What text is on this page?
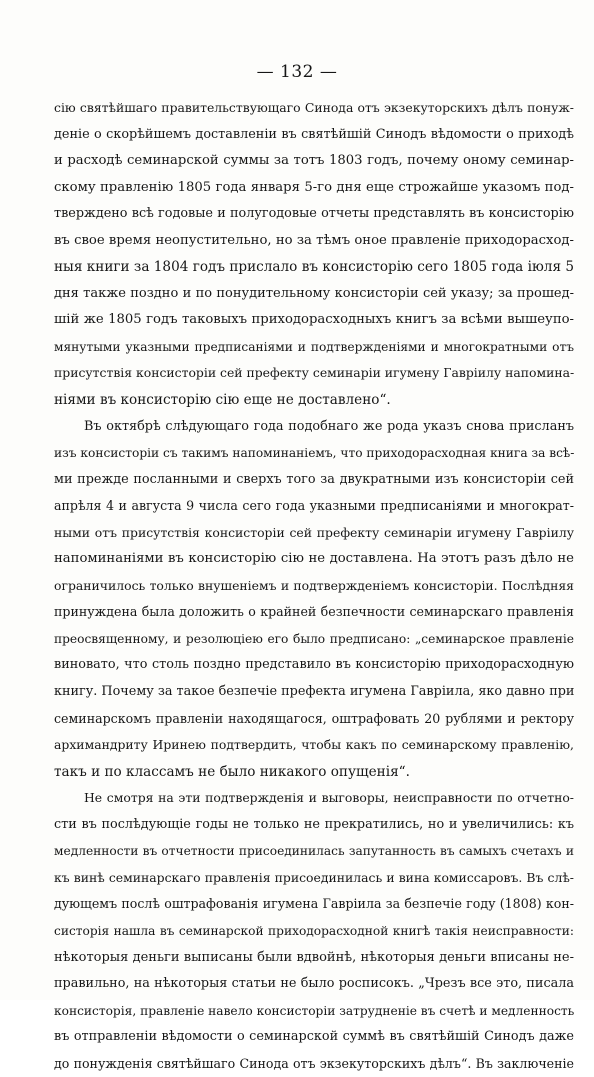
— 132 —
сію святѣйшаго правительствующаго Синода отъ экзекуторскихъ дѣлъ понуж-
деніе о скорѣйшемъ доставленіи въ святѣйшій Синодъ вѣдомости о приходѣ
и расходѣ семинарской суммы за тотъ 1803 годъ, почему оному семинар-
скому правленію 1805 года января 5-го дня еще строжайше указомъ под-
тверждено всѣ годовые и полугодовые отчеты представлять въ консисторію
въ свое время неопустительно, но за тѣмъ оное правленіе приходорасход-
ныя книги за 1804 годъ прислало въ консисторію сего 1805 года іюля 5
дня также поздно и по понудительному консисторіи сей указу; за прошед-
шій же 1805 годъ таковыхъ приходорасходныхъ книгъ за всѣми вышеупо-
мянутыми указными предписаніями и подтвержденіями и многократными отъ
присутствія консисторіи сей префекту семинаріи игумену Гавріилу напомина-
ніями въ консисторію сію еще не доставлено“.
Въ октябрѣ слѣдующаго года подобнаго же рода указъ снова присланъ
изъ консисторіи съ такимъ напоминаніемъ, что приходорасходная книга за всѣ-
ми прежде посланными и сверхъ того за двукратными изъ консисторіи сей
апрѣля 4 и августа 9 числа сего года указными предписаніями и многократ-
ными отъ присутствія консисторіи сей префекту семинаріи игумену Гавріилу
напоминаніями въ консисторію сію не доставлена. На этотъ разъ дѣло не
ограничилось только внушеніемъ и подтвержденіемъ консисторіи. Послѣдняя
принуждена была доложить о крайней безпечности семинарскаго правленія
преосвященному, и резолюціею его было предписано: „семинарское правленіе
виновато, что столь поздно представило въ консисторію приходорасходную
книгу. Почему за такое безпечіе префекта игумена Гавріила, яко давно при
семинарскомъ правленіи находящагося, оштрафовать 20 рублями и ректору
архимандриту Иринею подтвердить, чтобы какъ по семинарскому правленію,
такъ и по классамъ не было никакого опущенія“.
Не смотря на эти подтвержденія и выговоры, неисправности по отчетно-
сти въ послѣдующіе годы не только не прекратились, но и увеличились: къ
медленности въ отчетности присоединилась запутанность въ самыхъ счетахъ и
къ винѣ семинарскаго правленія присоединилась и вина комиссаровъ. Въ слѣ-
дующемъ послѣ оштрафованія игумена Гавріила за безпечіе году (1808) кон-
систорія нашла въ семинарской приходорасходной книгѣ такія неисправности:
нѣкоторыя деньги выписаны были вдвойнѣ, нѣкоторыя деньги вписаны не-
правильно, на нѣкоторыя статьи не было росписокъ. „Чрезъ все это, писала
консисторія, правленіе навело консисторіи затрудненіе въ счетѣ и медленность
въ отправленіи вѣдомости о семинарской суммѣ въ святѣйшій Синодъ даже
до понужденія святѣйшаго Синода отъ экзекуторскихъ дѣлъ“. Въ заключеніе
